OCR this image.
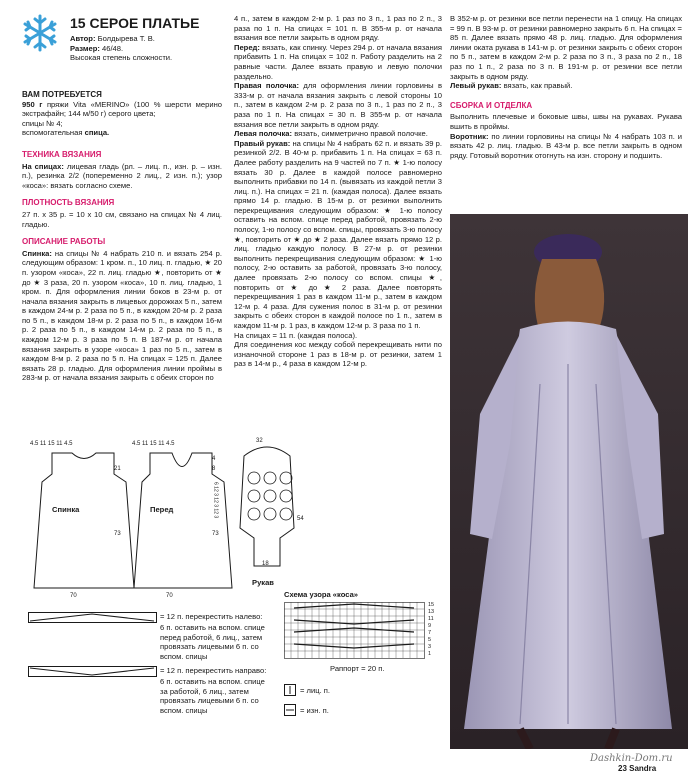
15 СЕРОЕ ПЛАТЬЕ
Автор: Болдырева Т. В.
Размер: 46/48.
Высокая степень сложности.
ВАМ ПОТРЕБУЕТСЯ

950 г пряжи Vita «MERINO» (100 % шерсти мерино экстрафайн; 144 м/50 г) серого цвета;

спицы № 4;

вспомогательная спица.

ТЕХНИКА ВЯЗАНИЯ

На спицах: лицевая гладь (рл. – лиц. п., изн. р. – изн. п.), резинка 2/2 (попеременно 2 лиц., 2 изн. п.); узор «коса»: вязать согласно схеме.

ПЛОТНОСТЬ ВЯЗАНИЯ

27 п. х 35 р. = 10 х 10 см, связано на спицах № 4 лиц. гладью.

ОПИСАНИЕ РАБОТЫ

Спинка: на спицы № 4 набрать 210 п. и вязать 254 р. следующим образом: 1 кром. п., 10 лиц. п. гладью, ★ 20 п. узором «коса», 22 п. лиц. гладью ★, повторить от ★ до ★ 3 раза, 20 п. узором «коса», 10 п. лиц. гладью, 1 кром. п. Для оформления линии боков в 23-м р. от начала вязания закрыть в лицевых дорожках 5 п., затем в каждом 24-м р. 2 раза по 5 п., в каждом 20-м р. 2 раза по 5 п., в каждом 18-м р. 2 раза по 5 п., в каждом 16-м р. 2 раза по 5 п., в каждом 14-м р. 2 раза по 5 п., в каждом 12-м р. 3 раза по 5 п. В 187-м р. от начала вязания закрыть в узоре «коса» 1 раз по 5 п., затем в каждом 8-м р. 2 раза по 5 п. На спицах = 125 п. Далее вязать 28 р. гладью. Для оформления линии проймы в 283-м р. от начала вязания закрыть с обеих сторон по

4 п., затем в каждом 2-м р. 1 раз по 3 п., 1 раз по 2 п., 3 раза по 1 п. На спицах = 101 п. В 355-м р. от начала вязания все петли закрыть в одном ряду.

Перед: вязать, как спинку. Через 294 р. от начала вязания прибавить 1 п. На спицах = 102 п. Работу разделить на 2 равные части. Далее вязать правую и левую полочки раздельно.

Правая полочка: для оформления линии горловины в 333-м р. от начала вязания закрыть с левой стороны 10 п., затем в каждом 2-м р. 2 раза по 3 п., 1 раз по 2 п., 3 раза по 1 п. На спицах = 30 п. В 355-м р. от начала вязания все петли закрыть в одном ряду.

Левая полочка: вязать, симметрично правой полочке.

Правый рукав: на спицы № 4 набрать 62 п. и вязать 39 р. резинкой 2/2. В 40-м р. прибавить 1 п. На спицах = 63 п. Далее работу разделить на 9 частей по 7 п. ★ 1-ю полосу вязать 30 р. Далее в каждой полосе равномерно выполнить прибавки по 14 п. (вывязать из каждой петли 3 лиц. п.). На спицах = 21 п. (каждая полоса). Далее вязать прямо 14 р. гладью. В 15-м р. от резинки выполнить перекрещивания следующим образом: ★ 1-ю полосу оставить на вспом. спице перед работой, провязать 2-ю полосу, 1-ю полосу со вспом. спицы, провязать 3-ю полосу ★, повторить от ★ до ★ 2 раза. Далее вязать прямо 12 р. лиц. гладью каждую полосу. В 27-м р. от резинки выполнить перекрещивания следующим образом: ★ 1-ю полосу, 2-ю оставить за работой, провязать 3-ю полосу, далее провязать 2-ю полосу со вспом. спицы ★, повторить от ★ до ★ 2 раза. Далее повторять перекрещивания 1 раз в каждом 11-м р., затем в каждом 12-м р. 4 раза. Для сужения полос в 31-м р. от резинки закрыть с обеих сторон в каждой полосе по 1 п., затем в каждом 11-м р. 1 раз, в каждом 12-м р. 3 раза по 1 п.

На спицах = 11 п. (каждая полоса).

Для соединения кос между собой перекрещивать нити по изнаночной стороне 1 раз в 18-м р. от резинки, затем 1 раз в 14-м р., 4 раза в каждом 12-м р.

В 352-м р. от резинки все петли перенести на 1 спицу. На спицах = 99 п. В 93-м р. от резинки равномерно закрыть 6 п. На спицах = 85 п. Далее вязать прямо 48 р. лиц. гладью. Для оформления линии оката рукава в 141-м р. от резинки закрыть с обеих сторон по 5 п., затем в каждом 2-м р. 2 раза по 3 п., 3 раза по 2 п., 18 раз по 1 п., 2 раза по 3 п. В 191-м р. от резинки все петли закрыть в одном ряду.

Левый рукав: вязать, как правый.

СБОРКА И ОТДЕЛКА

Выполнить плечевые и боковые швы, швы на рукавах. Рукава вшить в проймы.

Воротник: по линии горловины на спицы № 4 набрать 103 п. и вязать 42 р. лиц. гладью. В 43-м р. все петли закрыть в одном ряду. Готовый воротник отогнуть на изн. сторону и подшить.

4.5 11 15 11 4.5	4.5 11 15 11 4.5	32
Спинка	Перед
Рукав
70	70
18
73	73
21	8
4
6 12 3 12 3 12 3
54
= 12 п. перекрестить налево:
6 п. оставить на вспом. спице перед работой, 6 лиц., затем провязать лицевыми 6 п. со вспом. спицы
= 12 п. перекрестить направо:
6 п. оставить на вспом. спице за работой, 6 лиц., затем провязать лицевыми 6 п. со вспом. спицы
Схема узора «коса»
15
13
11
9
7
5
3
1
Раппорт = 20 п.
= лиц. п.
= изн. п.
Dashkin-Dom.ru
23 Sandra
